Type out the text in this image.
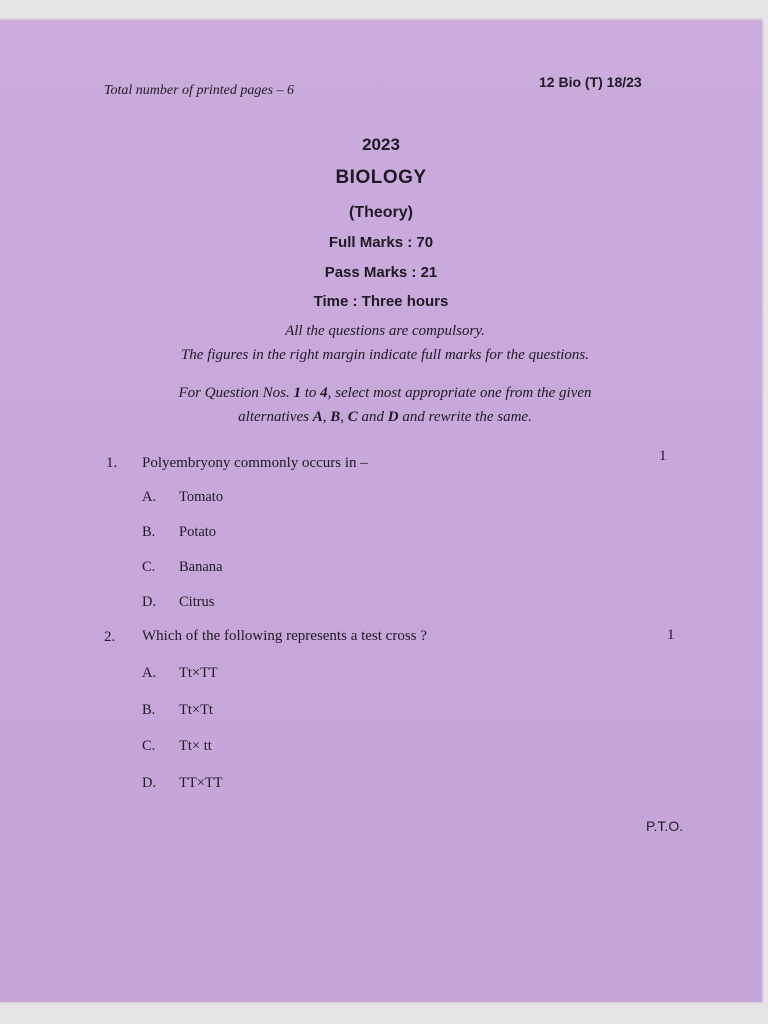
Total number of printed pages – 6
12 Bio (T) 18/23
2023
BIOLOGY
(Theory)
Full Marks : 70
Pass Marks : 21
Time : Three hours
All the questions are compulsory.
The figures in the right margin indicate full marks for the questions.
For Question Nos. 1 to 4, select most appropriate one from the given
alternatives A, B, C and D and rewrite the same.
1. Polyembryony commonly occurs in –	1
A. Tomato
B. Potato
C. Banana
D. Citrus
2. Which of the following represents a test cross ?	1
A. Tt×TT
B. Tt×Tt
C. Tt× tt
D. TT×TT
P.T.O.
